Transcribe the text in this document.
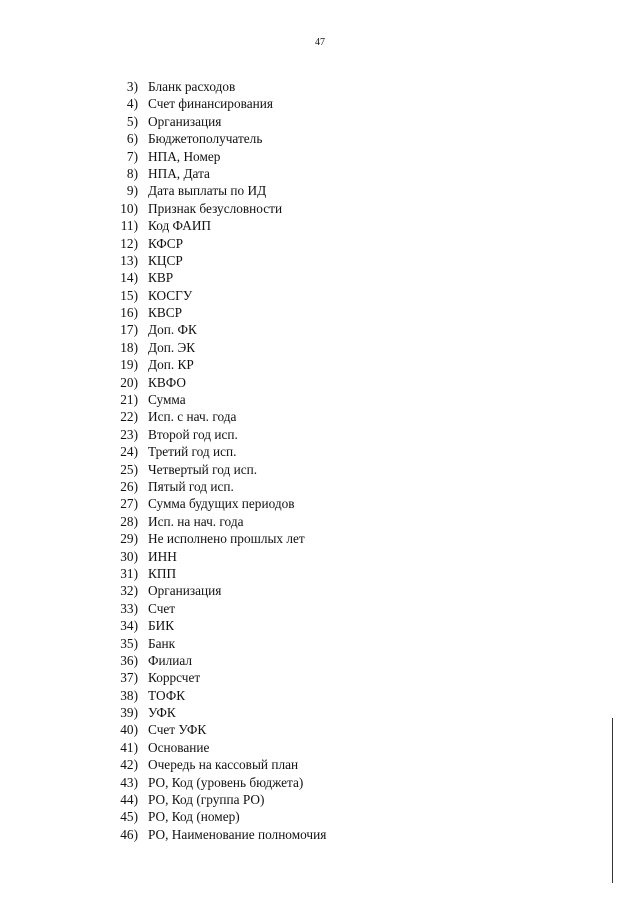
47
3) Бланк расходов
4) Счет финансирования
5) Организация
6) Бюджетополучатель
7) НПА, Номер
8) НПА, Дата
9) Дата выплаты по ИД
10) Признак безусловности
11) Код ФАИП
12) КФСР
13) КЦСР
14) КВР
15) КОСГУ
16) КВСР
17) Доп. ФК
18) Доп. ЭК
19) Доп. КР
20) КВФО
21) Сумма
22) Исп. с нач. года
23) Второй год исп.
24) Третий год исп.
25) Четвертый год исп.
26) Пятый год исп.
27) Сумма будущих периодов
28) Исп. на нач. года
29) Не исполнено прошлых лет
30) ИНН
31) КПП
32) Организация
33) Счет
34) БИК
35) Банк
36) Филиал
37) Коррсчет
38) ТОФК
39) УФК
40) Счет УФК
41) Основание
42) Очередь на кассовый план
43) РО, Код (уровень бюджета)
44) РО, Код (группа РО)
45) РО, Код (номер)
46) РО, Наименование полномочия
